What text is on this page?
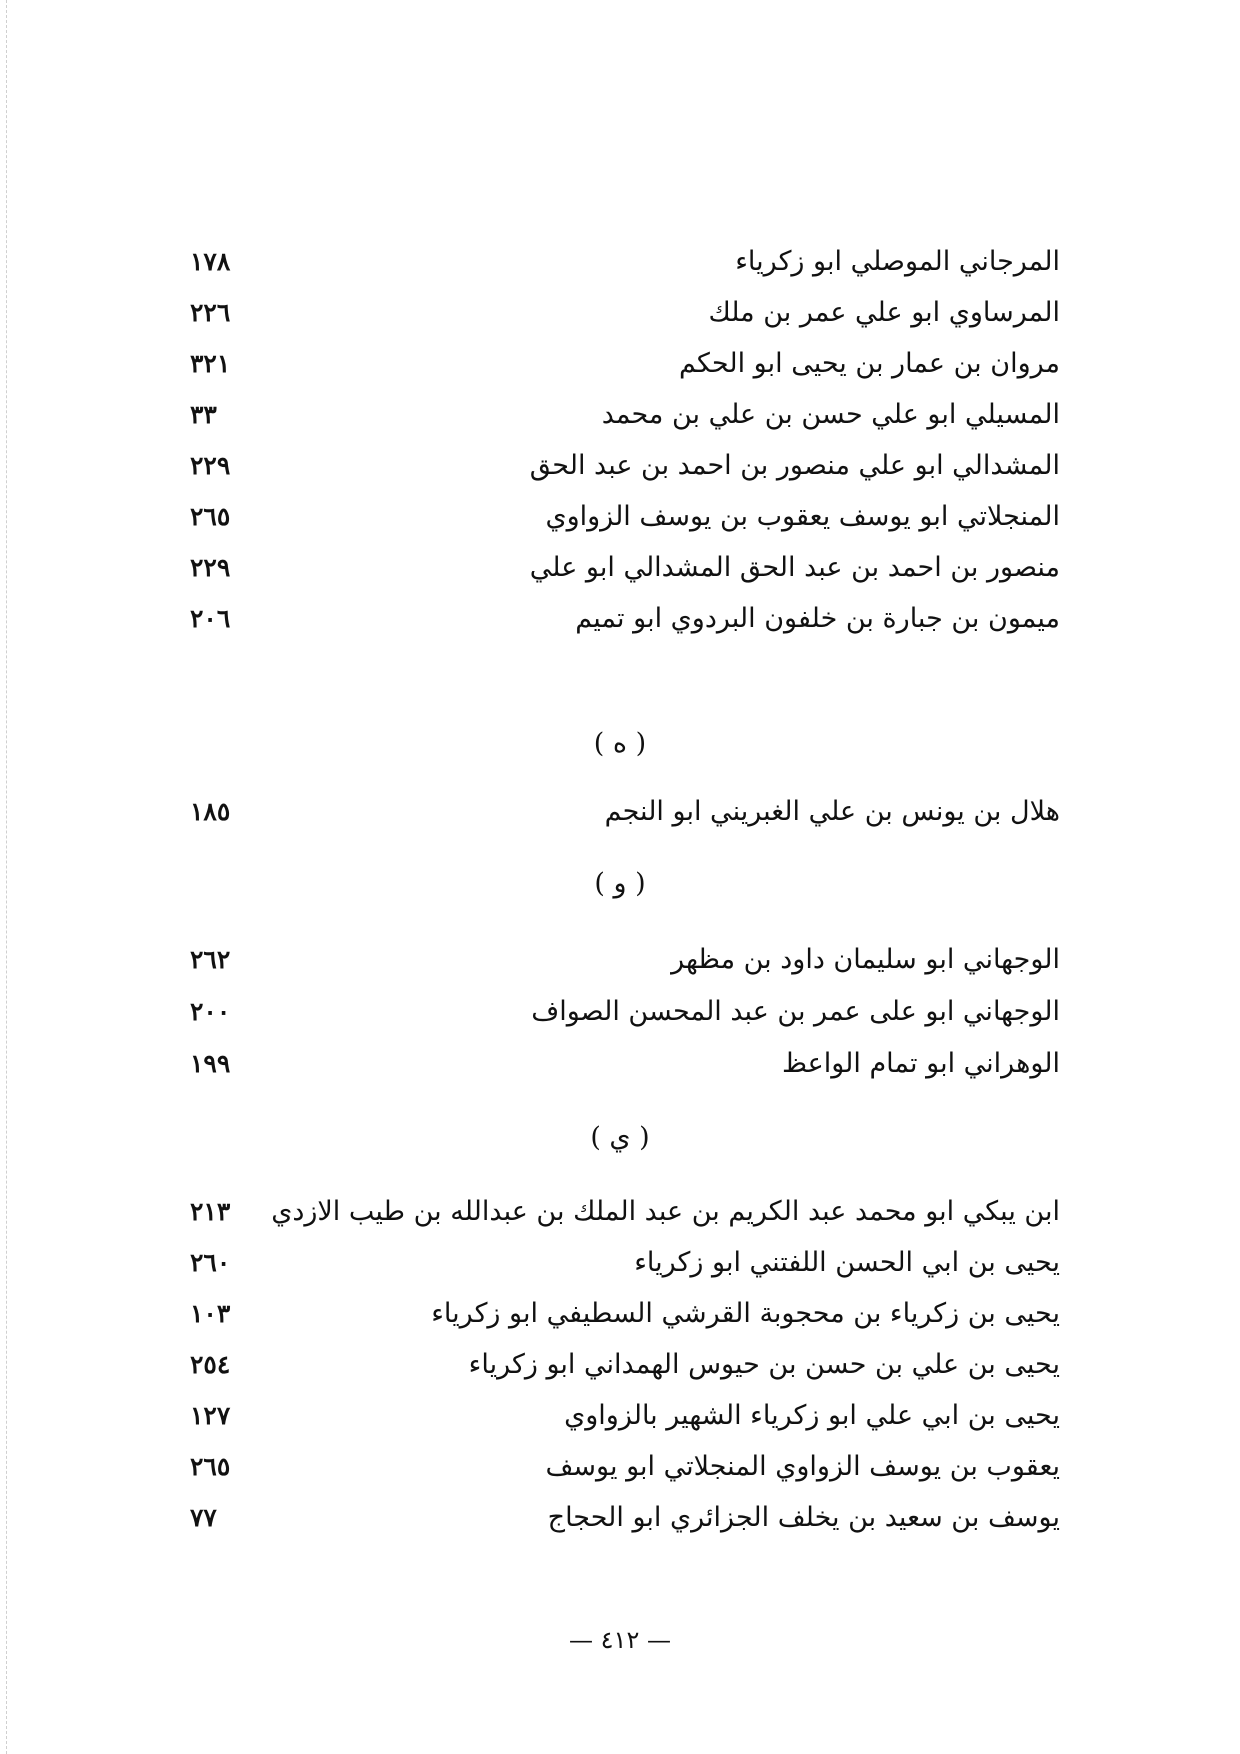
المرجاني الموصلي ابو زكرياء
١٧٨
المرساوي ابو علي عمر بن ملك
٢٢٦
مروان بن عمار بن يحيى ابو الحكم
٣٢١
المسيلي ابو علي حسن بن علي بن محمد
٣٣
المشدالي ابو علي منصور بن احمد بن عبد الحق
٢٢٩
المنجلاتي ابو يوسف يعقوب بن يوسف الزواوي
٢٦٥
منصور بن احمد بن عبد الحق المشدالي ابو علي
٢٢٩
ميمون بن جبارة بن خلفون البردوي ابو تميم
٢٠٦
( ه )
هلال بن يونس بن علي الغبريني ابو النجم
١٨٥
( و )
الوجهاني ابو سليمان داود بن مظهر
٢٦٢
الوجهاني ابو على عمر بن عبد المحسن الصواف
٢٠٠
الوهراني ابو تمام الواعظ
١٩٩
( ي )
ابن يبكي ابو محمد عبد الكريم بن عبد الملك بن عبدالله بن طيب الازدي
٢١٣
يحيى بن ابي الحسن اللفتني ابو زكرياء
٢٦٠
يحيى بن زكرياء بن محجوبة القرشي السطيفي ابو زكرياء
١٠٣
يحيى بن علي بن حسن بن حيوس الهمداني ابو زكرياء
٢٥٤
يحيى بن ابي علي ابو زكرياء الشهير بالزواوي
١٢٧
يعقوب بن يوسف الزواوي المنجلاتي ابو يوسف
٢٦٥
يوسف بن سعيد بن يخلف الجزائري ابو الحجاج
٧٧
— ٤١٢ —
